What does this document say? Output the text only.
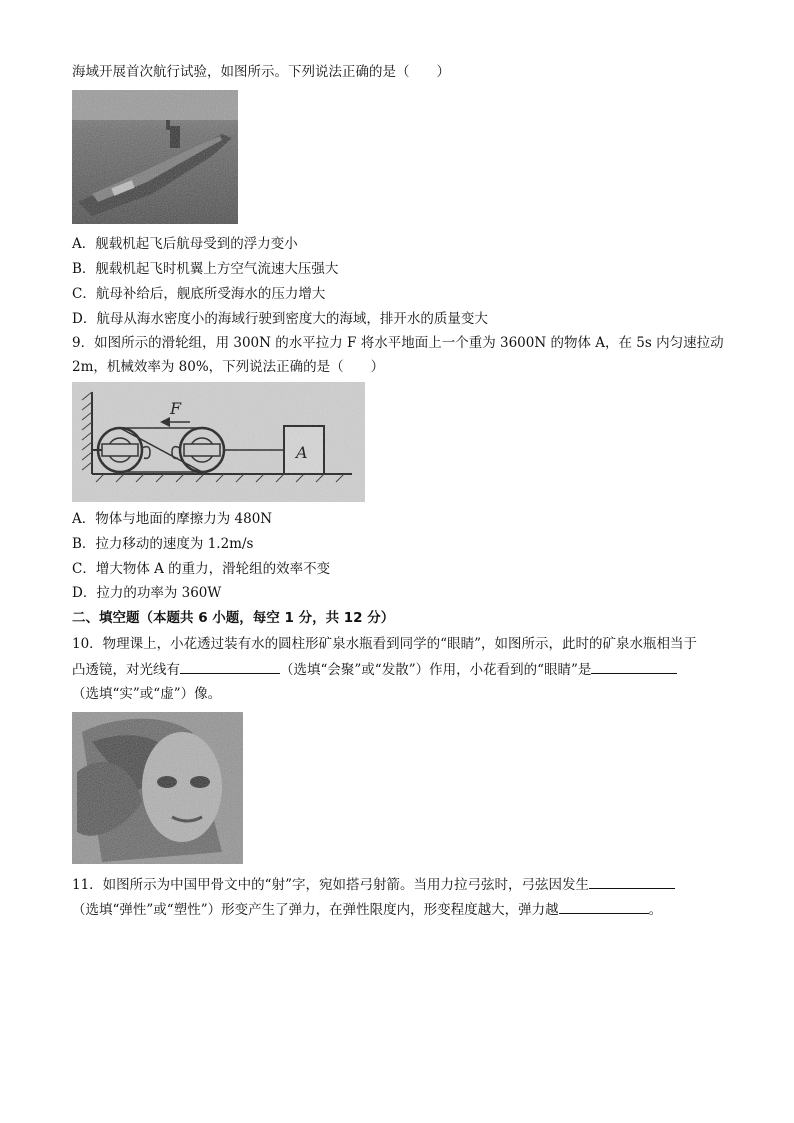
海域开展首次航行试验，如图所示。下列说法正确的是（　　）
A．舰载机起飞后航母受到的浮力变小
B．舰载机起飞时机翼上方空气流速大压强大
C．航母补给后，舰底所受海水的压力增大
D．航母从海水密度小的海域行驶到密度大的海域，排开水的质量变大
9．如图所示的滑轮组，用 300N 的水平拉力 F 将水平地面上一个重为 3600N 的物体 A，在 5s 内匀速拉动
2m，机械效率为 80%，下列说法正确的是（　　）
A．物体与地面的摩擦力为 480N
B．拉力移动的速度为 1.2m/s
C．增大物体 A 的重力，滑轮组的效率不变
D．拉力的功率为 360W
二、填空题（本题共 6 小题，每空 1 分，共 12 分）
10．物理课上，小花透过装有水的圆柱形矿泉水瓶看到同学的“眼睛”，如图所示，此时的矿泉水瓶相当于
凸透镜，对光线有	（选填“会聚”或“发散”）作用，小花看到的“眼睛”是
（选填“实”或“虚”）像。
11．如图所示为中国甲骨文中的“射”字，宛如搭弓射箭。当用力拉弓弦时，弓弦因发生
（选填“弹性”或“塑性”）形变产生了弹力，在弹性限度内，形变程度越大，弹力越	。
